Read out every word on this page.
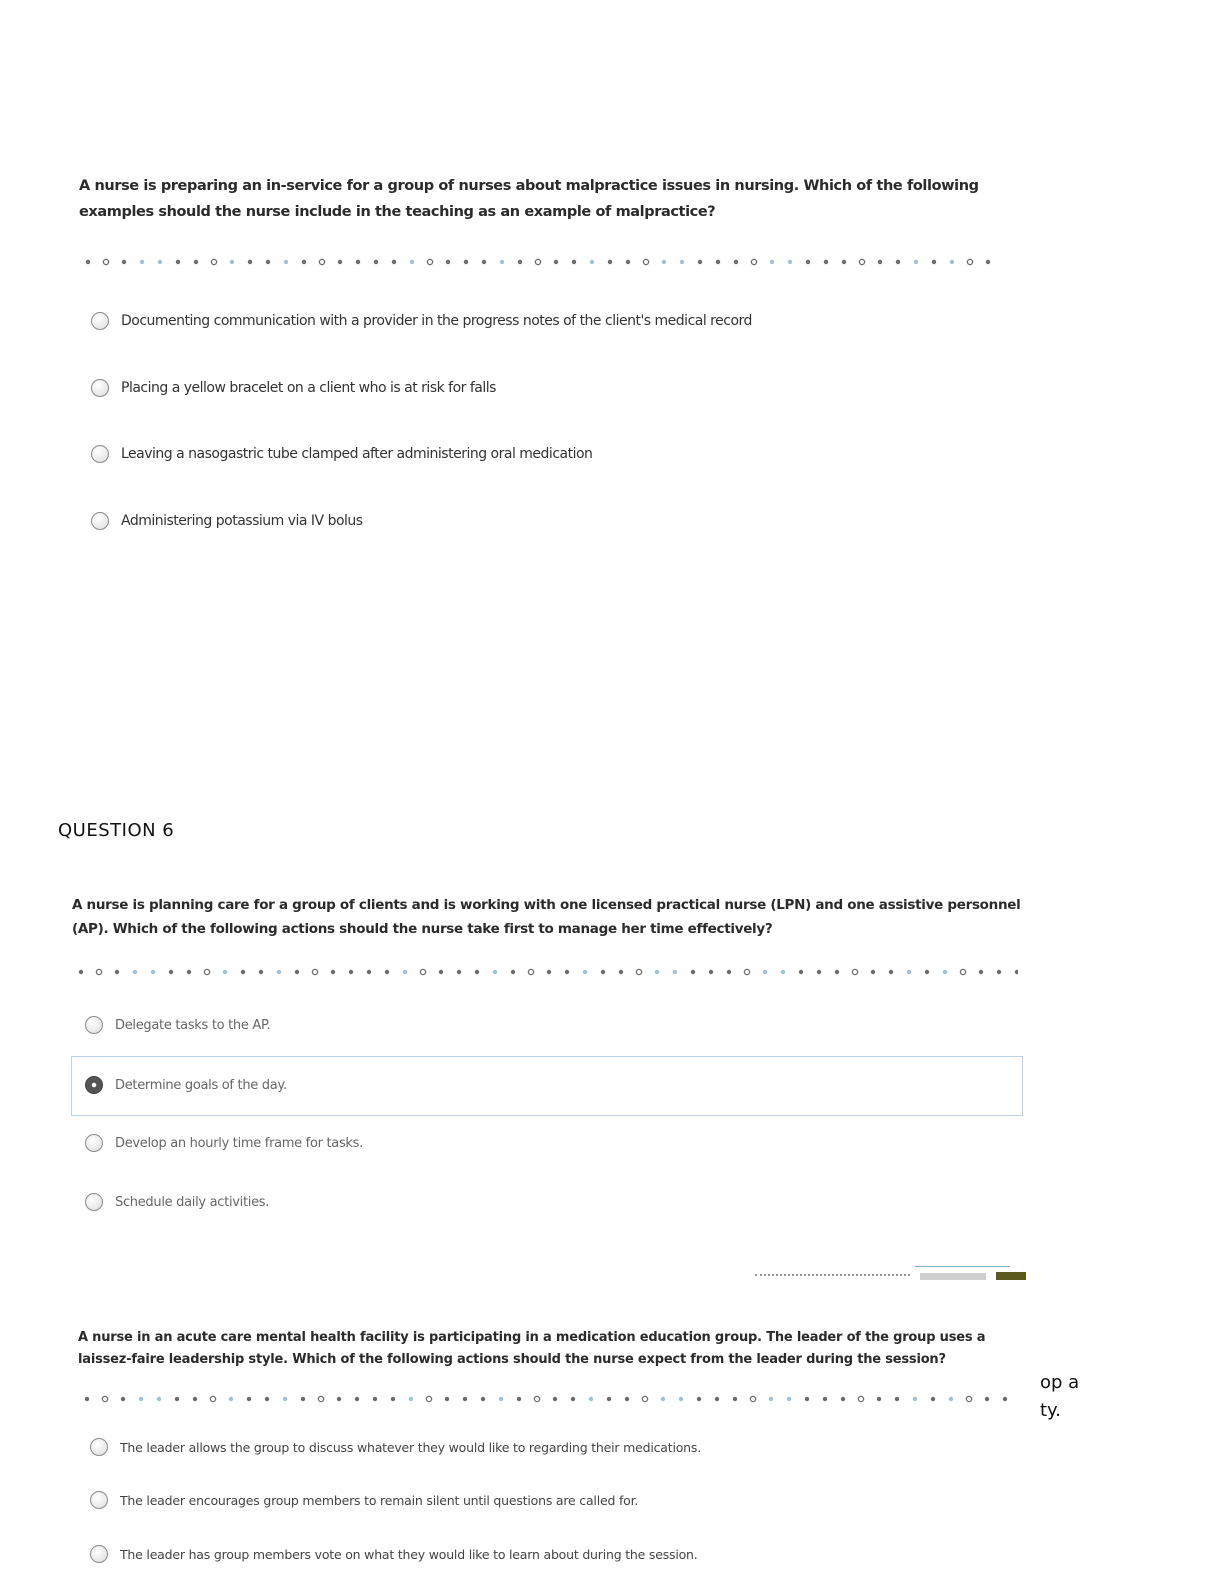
A nurse is preparing an in-service for a group of nurses about malpractice issues in nursing. Which of the following examples should the nurse include in the teaching as an example of malpractice?
Documenting communication with a provider in the progress notes of the client's medical record
Placing a yellow bracelet on a client who is at risk for falls
Leaving a nasogastric tube clamped after administering oral medication
Administering potassium via IV bolus
QUESTION 6
A nurse is planning care for a group of clients and is working with one licensed practical nurse (LPN) and one assistive personnel (AP). Which of the following actions should the nurse take first to manage her time effectively?
Delegate tasks to the AP.
Determine goals of the day.
Develop an hourly time frame for tasks.
Schedule daily activities.
A nurse in an acute care mental health facility is participating in a medication education group. The leader of the group uses a laissez-faire leadership style. Which of the following actions should the nurse expect from the leader during the session?
The leader allows the group to discuss whatever they would like to regarding their medications.
The leader encourages group members to remain silent until questions are called for.
The leader has group members vote on what they would like to learn about during the session.
op a
ty.
